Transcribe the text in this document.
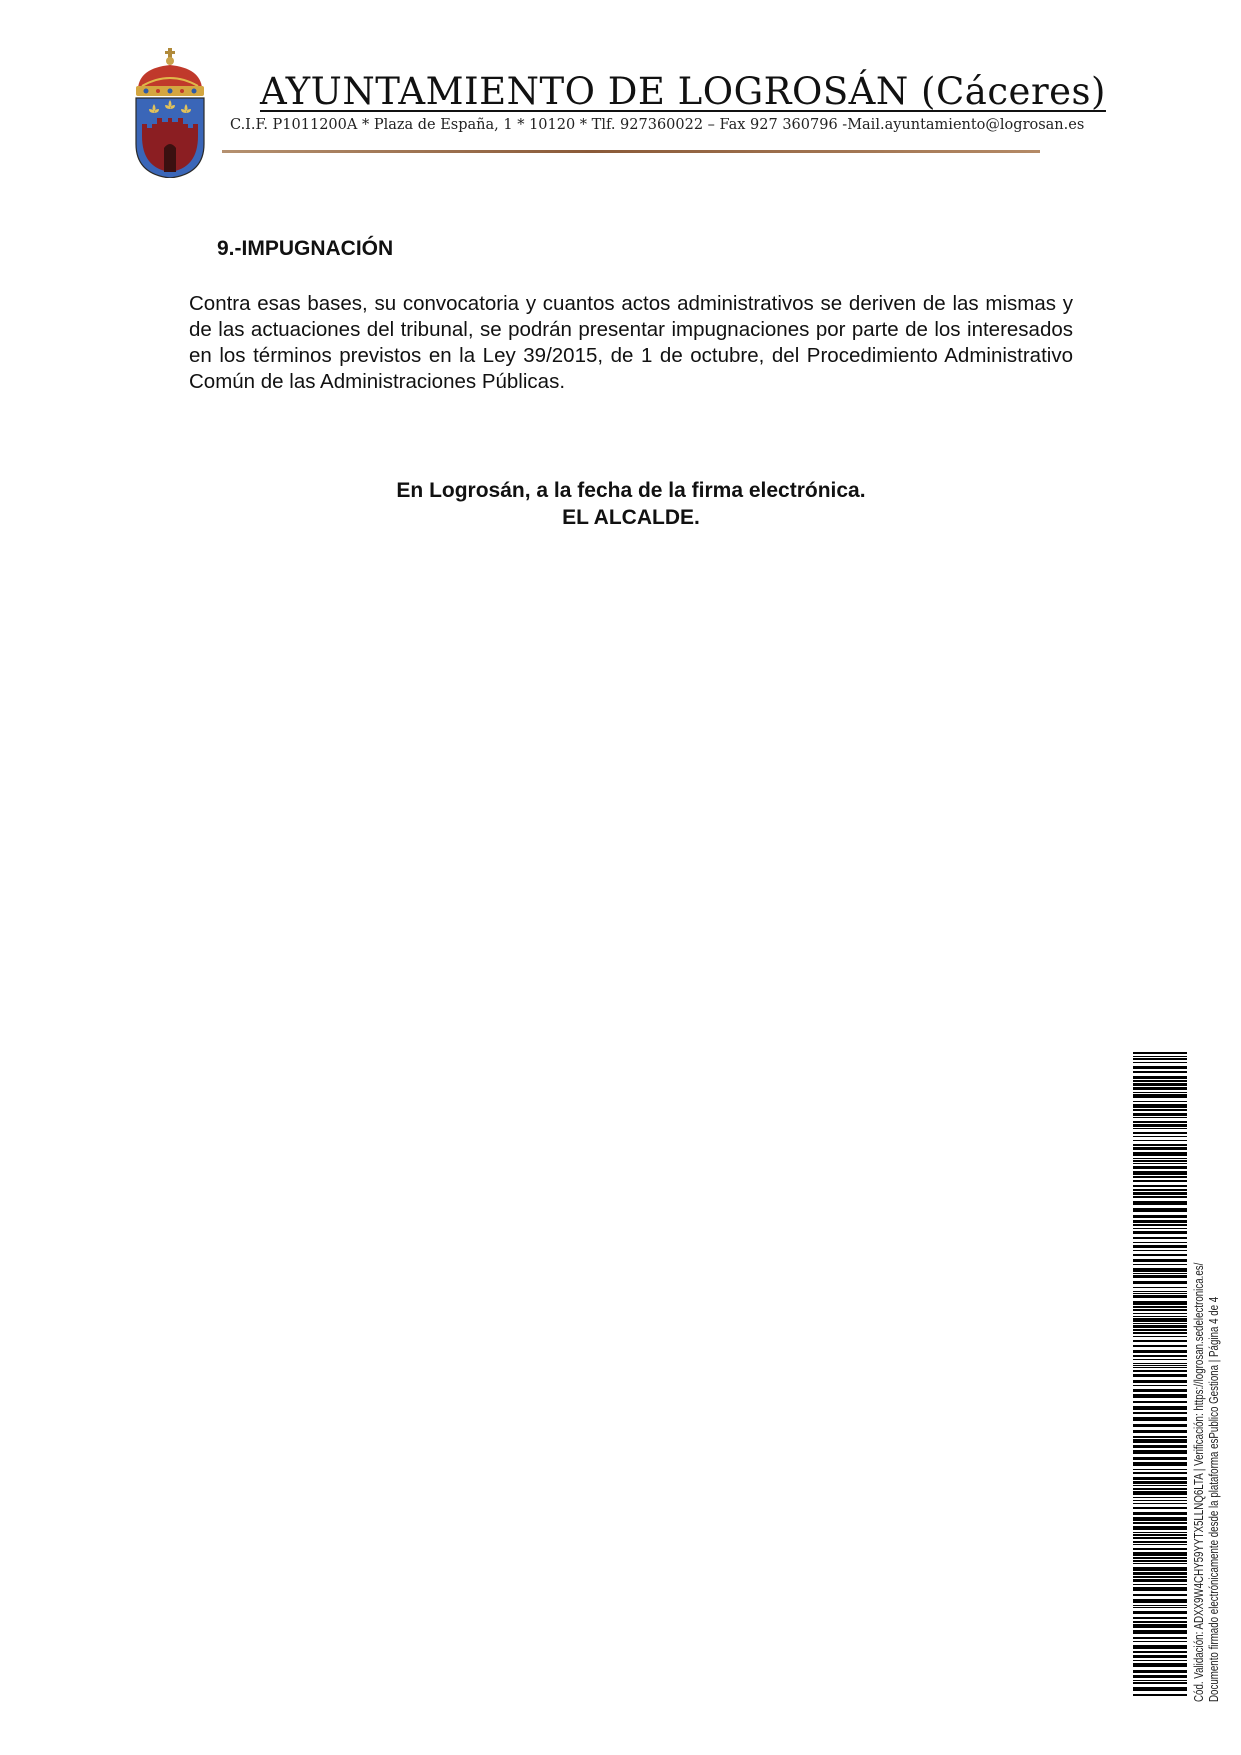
AYUNTAMIENTO DE LOGROSÁN (Cáceres)
C.I.F. P1011200A * Plaza de España, 1 * 10120 * Tlf. 927360022 – Fax 927 360796 -Mail.ayuntamiento@logrosan.es
9.-IMPUGNACIÓN

Contra esas bases, su convocatoria y cuantos actos administrativos se deriven de las mismas y de las actuaciones del tribunal, se podrán presentar impugnaciones por parte de los interesados en los términos previstos en la Ley 39/2015, de 1 de octubre, del Procedimiento Administrativo Común de las Administraciones Públicas.

En Logrosán, a la fecha de la firma electrónica.
EL ALCALDE.
Cód. Validación: ADXX9W4CHY59YYTX5LLNQ6LTA | Verificación: https://logrosan.sedelectronica.es/ Documento firmado electrónicamente desde la plataforma esPublico Gestiona | Página 4 de 4
